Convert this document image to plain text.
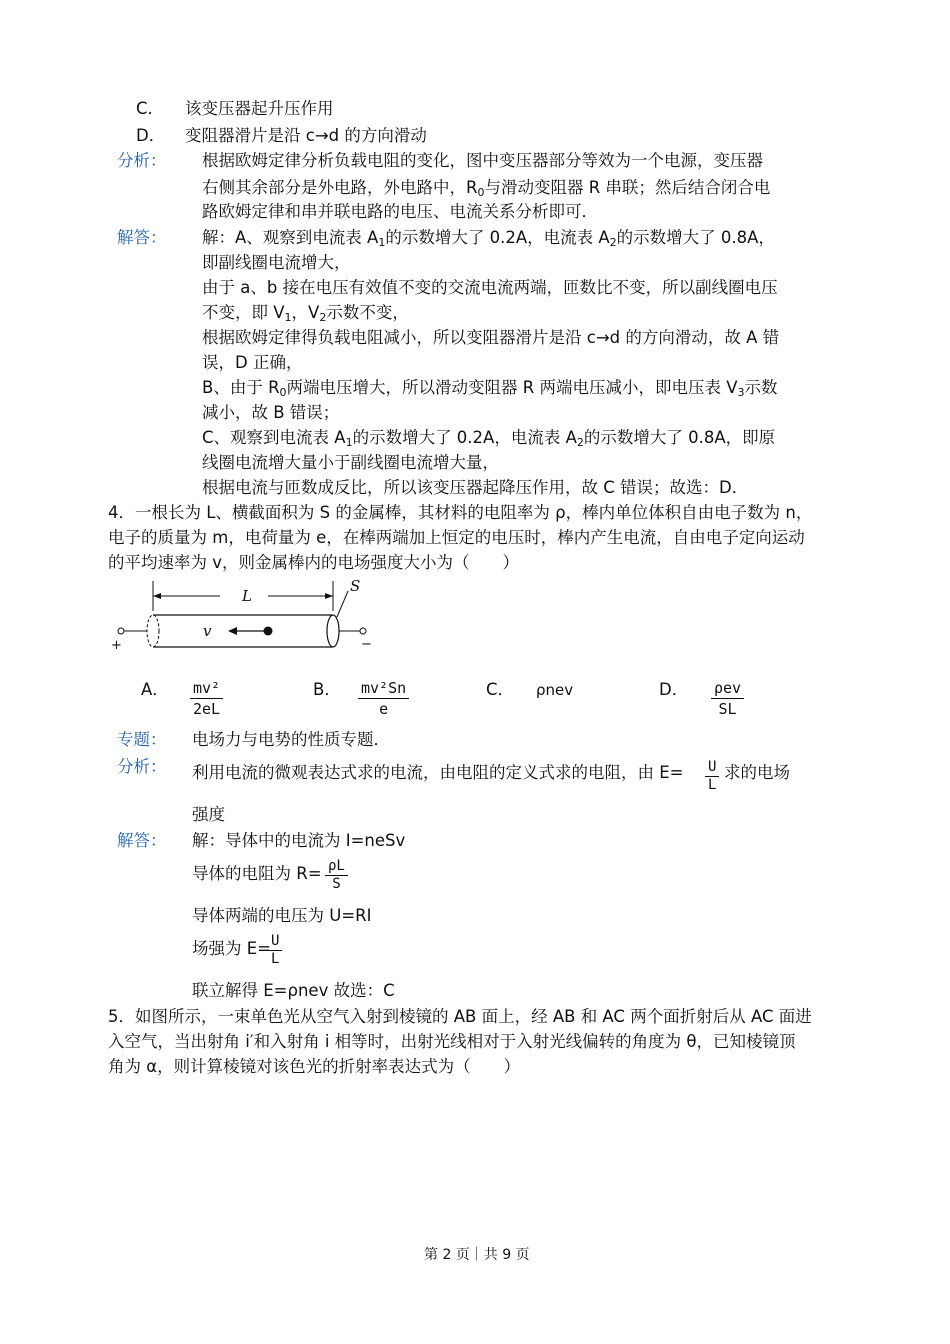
C． 该变压器起升压作用
D． 变阻器滑片是沿 c→d 的方向滑动
分析： 根据欧姆定律分析负载电阻的变化，图中变压器部分等效为一个电源，变压器
右侧其余部分是外电路，外电路中，$R_0$与滑动变阻器 R 串联；然后结合闭合电
路欧姆定律和串并联电路的电压、电流关系分析即可．
解答： 解：A、观察到电流表 $A_1$的示数增大了 0.2A，电流表 $A_2$的示数增大了 0.8A，
即副线圈电流增大，
由于 a、b 接在电压有效值不变的交流电流两端，匝数比不变，所以副线圈电压
不变，即 $V_1$，$V_2$示数不变，
根据欧姆定律得负载电阻减小，所以变阻器滑片是沿 c→d 的方向滑动，故 A 错
误，D 正确，
B、由于 $R_0$两端电压增大，所以滑动变阻器 R 两端电压减小，即电压表 $V_3$示数
减小，故 B 错误；
C、观察到电流表 $A_1$的示数增大了 0.2A，电流表 $A_2$的示数增大了 0.8A，即原
线圈电流增大量小于副线圈电流增大量，
根据电流与匝数成反比，所以该变压器起降压作用，故 C 错误；故选：D．
4．一根长为 L、横截面积为 S 的金属棒，其材料的电阻率为 ρ，棒内单位体积自由电子数为 n，
电子的质量为 m，电荷量为 e，在棒两端加上恒定的电压时，棒内产生电流，自由电子定向运动
的平均速率为 v，则金属棒内的电场强度大小为（　　）
L
S
+	−
v
A． $\frac{\text{mv²}}{2eL}$	B． $\frac{\text{mv²Sn}}{e}$	C． ρnev	D． ρev
SL
专题： 电场力与电势的性质专题．
分析： 利用电流的微观表达式求的电流，由电阻的定义式求的电阻，由 $E= \frac{U}{L}$ 求的电场
强度
解答： 解：导体中的电流为 I=neSv
导体的电阻为 $R= \frac{\rho L}{S}$
导体两端的电压为 U=RI
场强为 E=
$\frac{U}{L}$
联立解得 E=ρnev 故选：C
5．如图所示，一束单色光从空气入射到棱镜的 AB 面上，经 AB 和 AC 两个面折射后从 AC 面进
入空气，当出射角 i′和入射角 i 相等时，出射光线相对于入射光线偏转的角度为 θ，已知棱镜顶
角为 α，则计算棱镜对该色光的折射率表达式为（　　）
第 2 页｜共 9 页
